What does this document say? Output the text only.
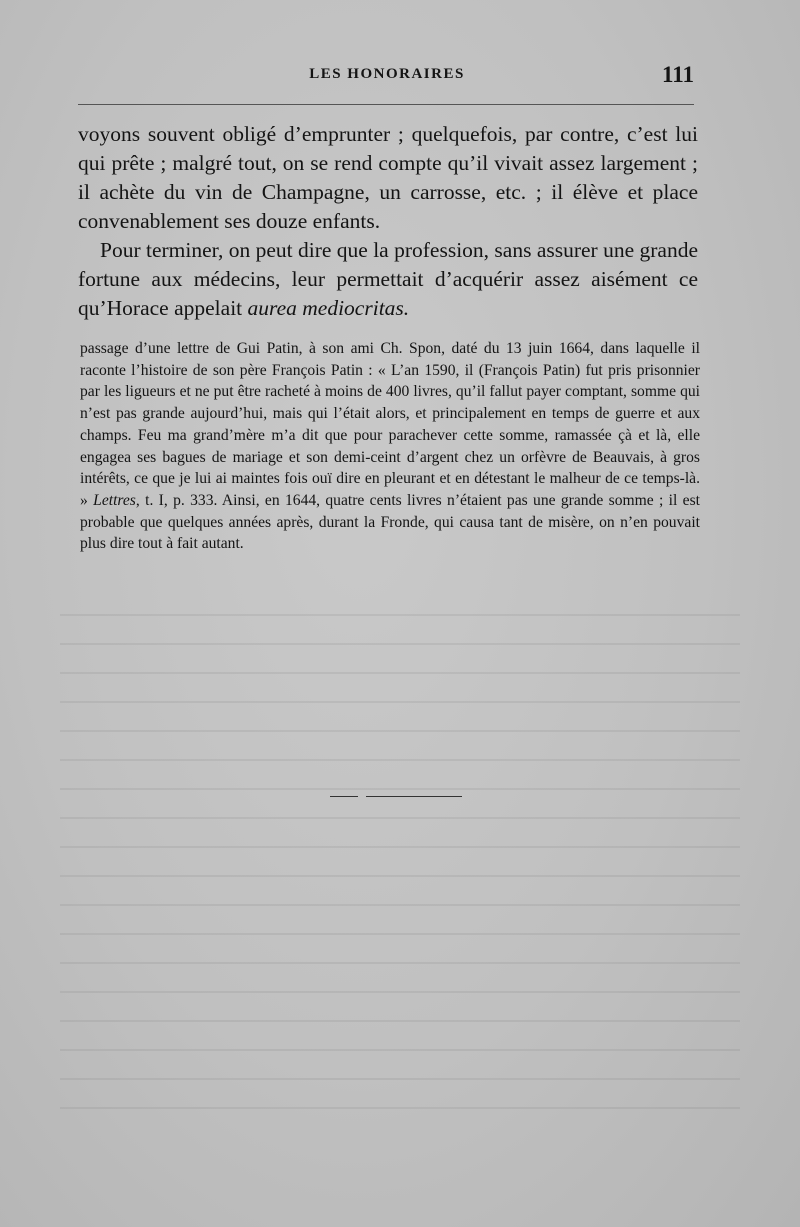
LES HONORAIRES	111

voyons souvent obligé d’emprunter ; quelquefois, par contre, c’est lui qui prête ; malgré tout, on se rend compte qu’il vivait assez largement ; il achète du vin de Champagne, un carrosse, etc. ; il élève et place convenablement ses douze enfants.

Pour terminer, on peut dire que la profession, sans assurer une grande fortune aux médecins, leur permettait d’acquérir assez aisément ce qu’Horace appelait aurea mediocritas.

passage d’une lettre de Gui Patin, à son ami Ch. Spon, daté du 13 juin 1664, dans laquelle il raconte l’histoire de son père François Patin : « L’an 1590, il (François Patin) fut pris prisonnier par les ligueurs et ne put être racheté à moins de 400 livres, qu’il fallut payer comptant, somme qui n’est pas grande aujourd’hui, mais qui l’était alors, et principalement en temps de guerre et aux champs. Feu ma grand’mère m’a dit que pour parachever cette somme, ramassée çà et là, elle engagea ses bagues de mariage et son demi-ceint d’argent chez un orfèvre de Beauvais, à gros intérêts, ce que je lui ai maintes fois ouï dire en pleurant et en détestant le malheur de ce temps-là. » Lettres, t. I, p. 333. Ainsi, en 1644, quatre cents livres n’étaient pas une grande somme ; il est probable que quelques années après, durant la Fronde, qui causa tant de misère, on n’en pouvait plus dire tout à fait autant.
